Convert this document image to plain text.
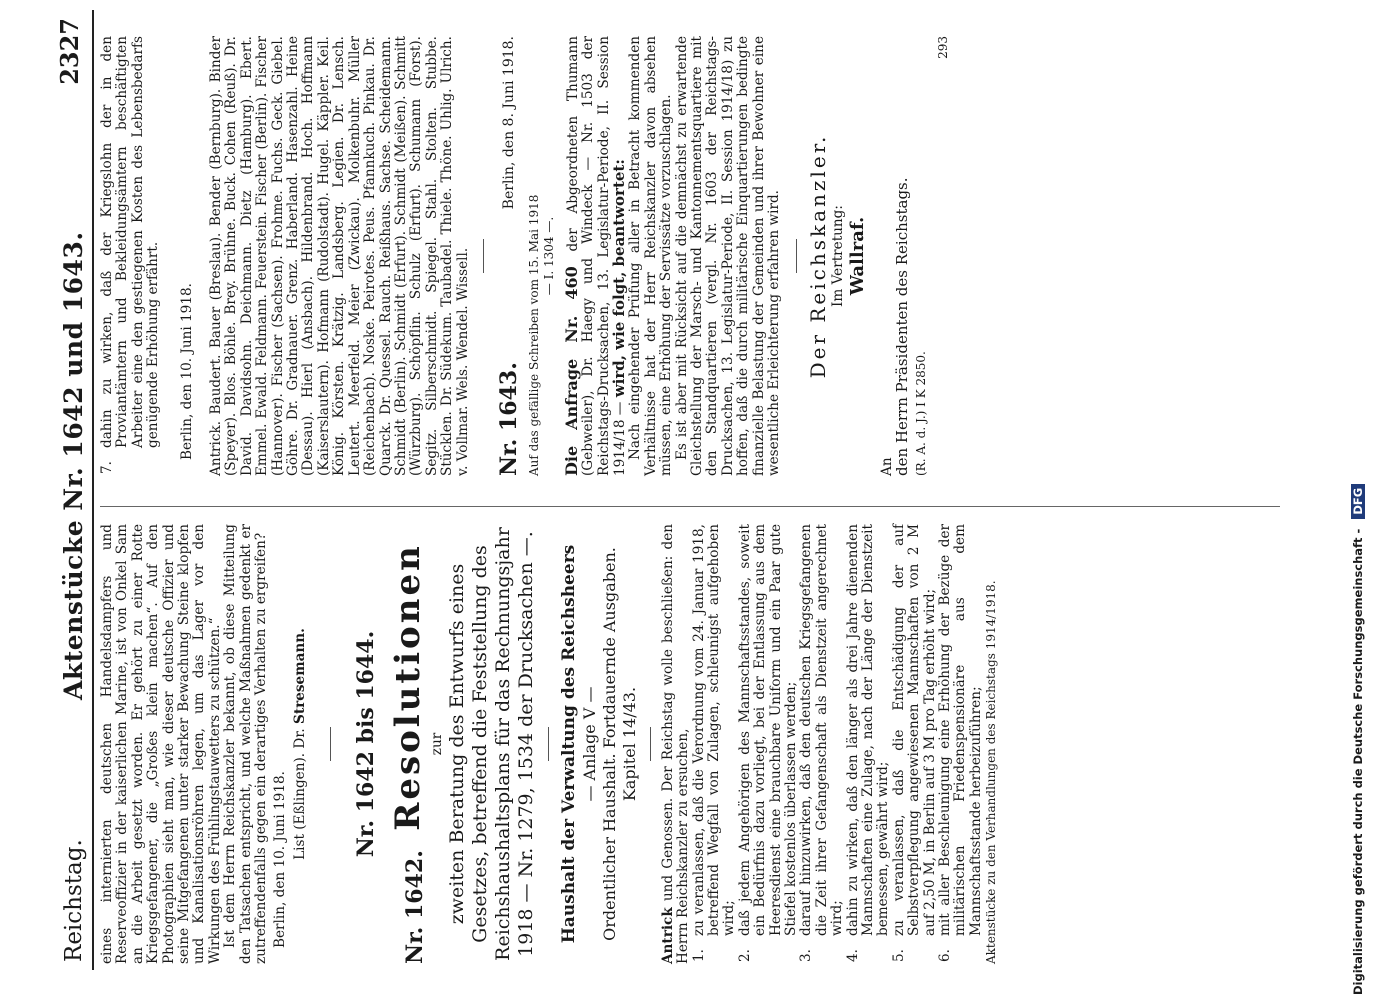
Reichstag.
Aktenstücke Nr. 1642 und 1643.
2327

eines internierten deutschen Handelsdampfers und Reserveoffizier in der kaiserlichen Marine, ist von Onkel Sam an die Arbeit gesetzt worden. Er gehört zu einer Rotte Kriegsgefangener, die „Großes klein machen“. Auf den Photographien sieht man, wie dieser deutsche Offizier und seine Mitgefangenen unter starker Bewachung Steine klopfen und Kanalisationsröhren legen, um das Lager vor den Wirkungen des Frühlingstauwetters zu schützen.“ Ist dem Herrn Reichskanzler bekannt, ob diese Mitteilung den Tatsachen entspricht, und welche Maßnahmen gedenkt er zutreffendenfalls gegen ein derartiges Verhalten zu ergreifen? Berlin, den 10. Juni 1918. List (Eßlingen). Dr. Stresemann. Nr. 1642 bis 1644.

Nr. 1642.
Resolutionen zur zweiten Beratung des Entwurfs eines Gesetzes, betreffend die Feststellung des Reichshaushaltsplans für das Rechnungsjahr 1918 — Nr. 1279, 1534 der Drucksachen —. Haushalt der Verwaltung des Reichsheers — Anlage V — Ordentlicher Haushalt. Fortdauernde Ausgaben. Kapitel 14/43.

Antrick und Genossen. Der Reichstag wolle beschließen: den Herrn Reichskanzler zu ersuchen, 1.
zu veranlassen, daß die Verordnung vom 24. Januar 1918, betreffend Wegfall von Zulagen, schleunigst aufgehoben wird;
2.
daß jedem Angehörigen des Mannschaftsstandes, soweit ein Bedürfnis dazu vorliegt, bei der Entlassung aus dem Heeresdienst eine brauchbare Uniform und ein Paar gute Stiefel kostenlos überlassen werden;
3.
darauf hinzuwirken, daß den deutschen Kriegsgefangenen die Zeit ihrer Gefangenschaft als Dienstzeit angerechnet wird;
4.
dahin zu wirken, daß den länger als drei Jahre dienenden Mannschaften eine Zulage, nach der Länge der Dienstzeit bemessen, gewährt wird;
5.
zu veranlassen, daß die Entschädigung der auf Selbstverpflegung angewiesenen Mannschaften von 2 M auf 2,50 M, in Berlin auf 3 M pro Tag erhöht wird;
6.
mit aller Beschleunigung eine Erhöhung der Bezüge der militärischen Friedenspensionäre aus dem Mannschaftsstande herbeizuführen; Aktenstücke zu den Verhandlungen des Reichstags 1914/1918.

7.
dahin zu wirken, daß der Kriegslohn der in den Proviantämtern und Bekleidungsämtern beschäftigten Arbeiter eine den gestiegenen Kosten des Lebensbedarfs genügende Erhöhung erfährt. Berlin, den 10. Juni 1918. Antrick. Baudert. Bauer (Breslau). Bender (Bernburg). Binder (Speyer). Blos. Böhle. Brey. Brühne. Buck. Cohen (Reuß). Dr. David. Davidsohn. Deichmann. Dietz (Hamburg). Ebert. Emmel. Ewald. Feldmann. Feuerstein. Fischer (Berlin). Fischer (Hannover). Fischer (Sachsen). Frohme. Fuchs. Geck. Giebel. Göhre. Dr. Gradnauer. Grenz. Haberland. Hasenzahl. Heine (Dessau). Hierl (Ansbach). Hildenbrand. Hoch. Hoffmann (Kaiserslautern). Hofmann (Rudolstadt). Hugel. Käppler. Keil. König. Körsten. Krätzig. Landsberg. Legien. Dr. Lensch. Leutert. Meerfeld. Meier (Zwickau). Molkenbuhr. Müller (Reichenbach). Noske. Peirotes. Peus. Pfannkuch. Pinkau. Dr. Quarck. Dr. Quessel. Rauch. Reißhaus. Sachse. Scheidemann. Schmidt (Berlin). Schmidt (Erfurt). Schmidt (Meißen). Schmitt (Würzburg). Schöpflin. Schulz (Erfurt). Schumann (Forst). Segitz. Silberschmidt. Spiegel. Stahl. Stolten. Stubbe. Stücklen. Dr. Südekum. Taubadel. Thiele. Thöne. Uhlig. Ulrich. v. Vollmar. Wels. Wendel. Wissell. Nr. 1643.
Berlin, den 8. Juni 1918.

Auf das gefällige Schreiben vom 15. Mai 1918 — I. 1304 —.

Die Anfrage Nr. 460 der Abgeordneten Thumann (Gebweiler), Dr. Haegy und Windeck — Nr. 1503 der Reichstags-Drucksachen, 13. Legislatur-Periode, II. Session 1914/18 — wird, wie folgt, beantwortet: Nach eingehender Prüfung aller in Betracht kommenden Verhältnisse hat der Herr Reichskanzler davon absehen müssen, eine Erhöhung der Servissätze vorzuschlagen. Es ist aber mit Rücksicht auf die demnächst zu erwartende Gleichstellung der Marsch- und Kantonnementsquartiere mit den Standquartieren (vergl. Nr. 1603 der Reichstags-Drucksachen, 13. Legislatur-Periode, II. Session 1914/18) zu hoffen, daß die durch militärische Einquartierungen bedingte finanzielle Belastung der Gemeinden und ihrer Bewohner eine wesentliche Erleichterung erfahren wird. Der Reichskanzler. Im Vertretung: Wallraf.

An

den Herrn Präsidenten des Reichstags. (R. A. d. J.) I K 2850.

293

Digitalisierung gefördert durch die Deutsche Forschungsgemeinschaft - DFG
